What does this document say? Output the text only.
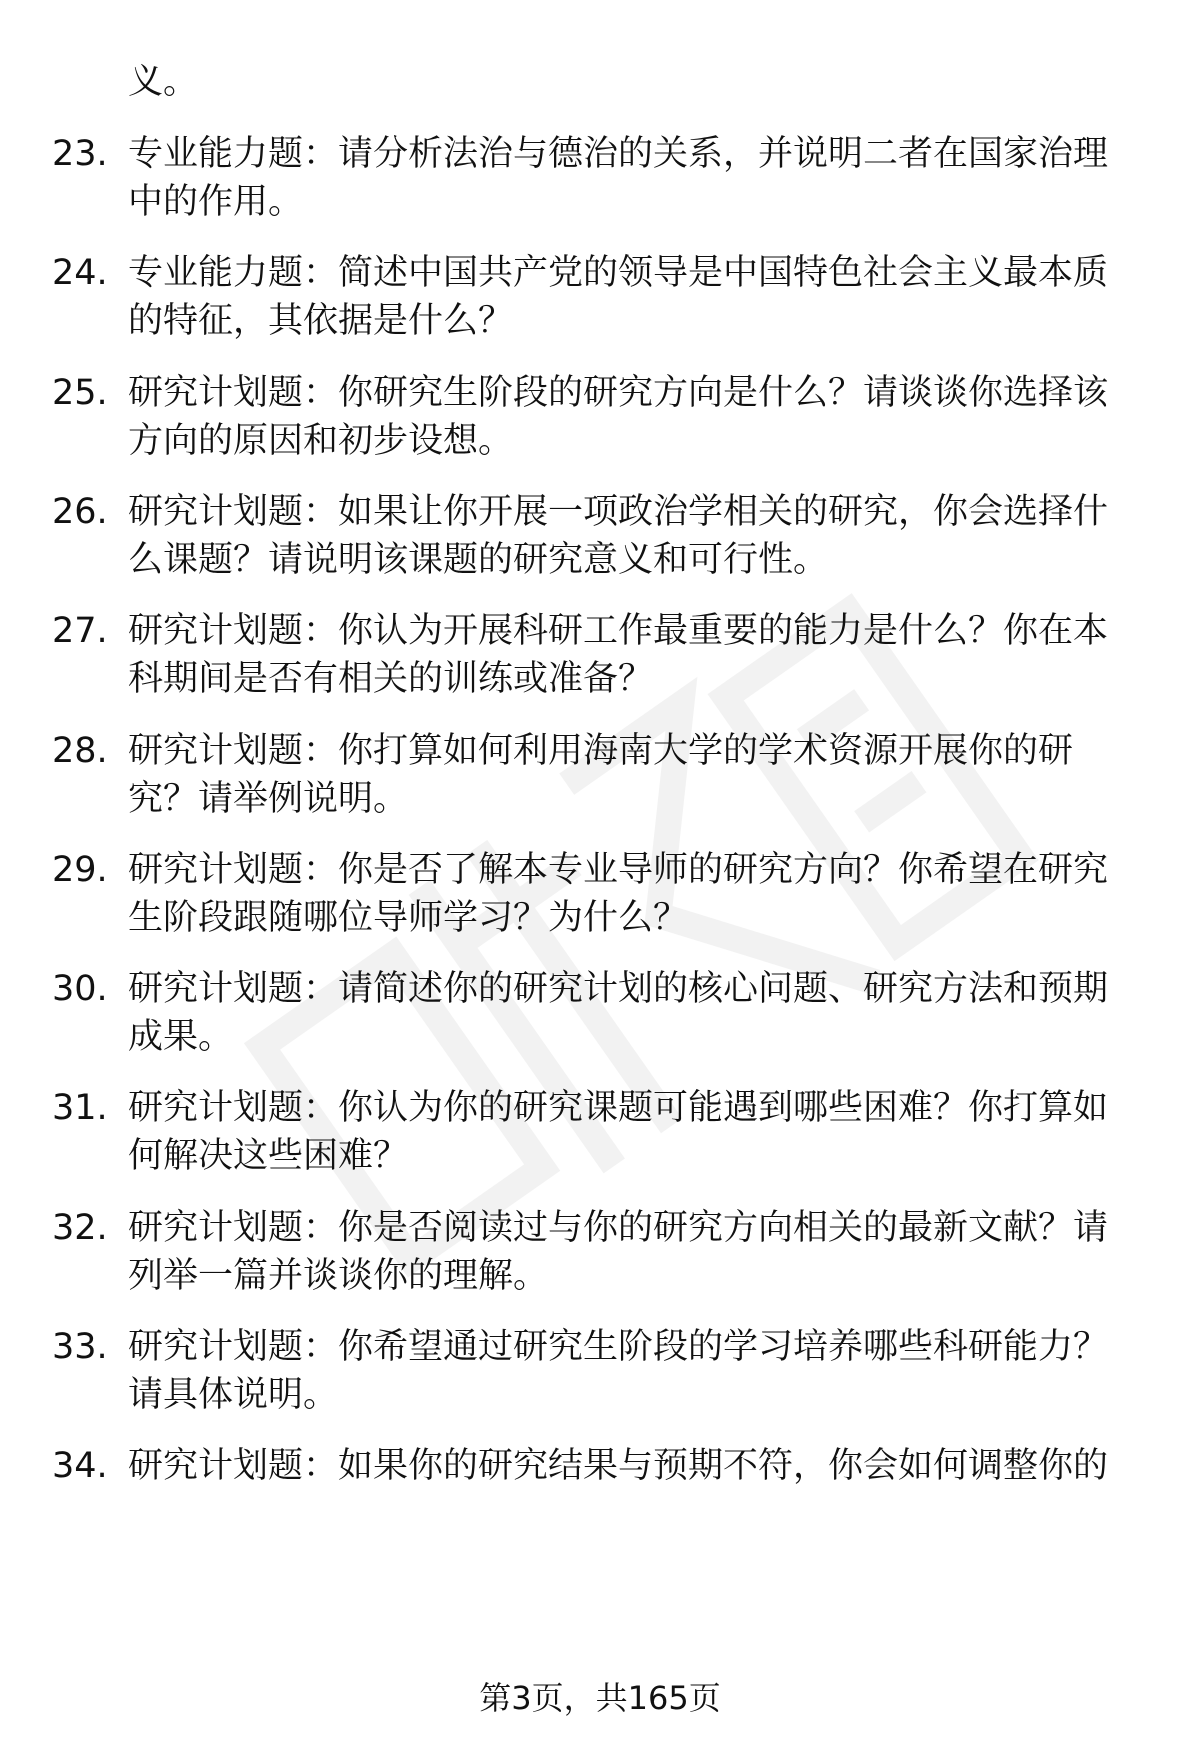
义。
23. 专业能力题：请分析法治与德治的关系，并说明二者在国家治理
中的作用。
24. 专业能力题：简述中国共产党的领导是中国特色社会主义最本质
的特征，其依据是什么？
25. 研究计划题：你研究生阶段的研究方向是什么？请谈谈你选择该
方向的原因和初步设想。
26. 研究计划题：如果让你开展一项政治学相关的研究，你会选择什
么课题？请说明该课题的研究意义和可行性。
27. 研究计划题：你认为开展科研工作最重要的能力是什么？你在本
科期间是否有相关的训练或准备？
28. 研究计划题：你打算如何利用海南大学的学术资源开展你的研
究？请举例说明。
29. 研究计划题：你是否了解本专业导师的研究方向？你希望在研究
生阶段跟随哪位导师学习？为什么？
30. 研究计划题：请简述你的研究计划的核心问题、研究方法和预期
成果。
31. 研究计划题：你认为你的研究课题可能遇到哪些困难？你打算如
何解决这些困难？
32. 研究计划题：你是否阅读过与你的研究方向相关的最新文献？请
列举一篇并谈谈你的理解。
33. 研究计划题：你希望通过研究生阶段的学习培养哪些科研能力？
请具体说明。
34. 研究计划题：如果你的研究结果与预期不符，你会如何调整你的
第3页，共165页
